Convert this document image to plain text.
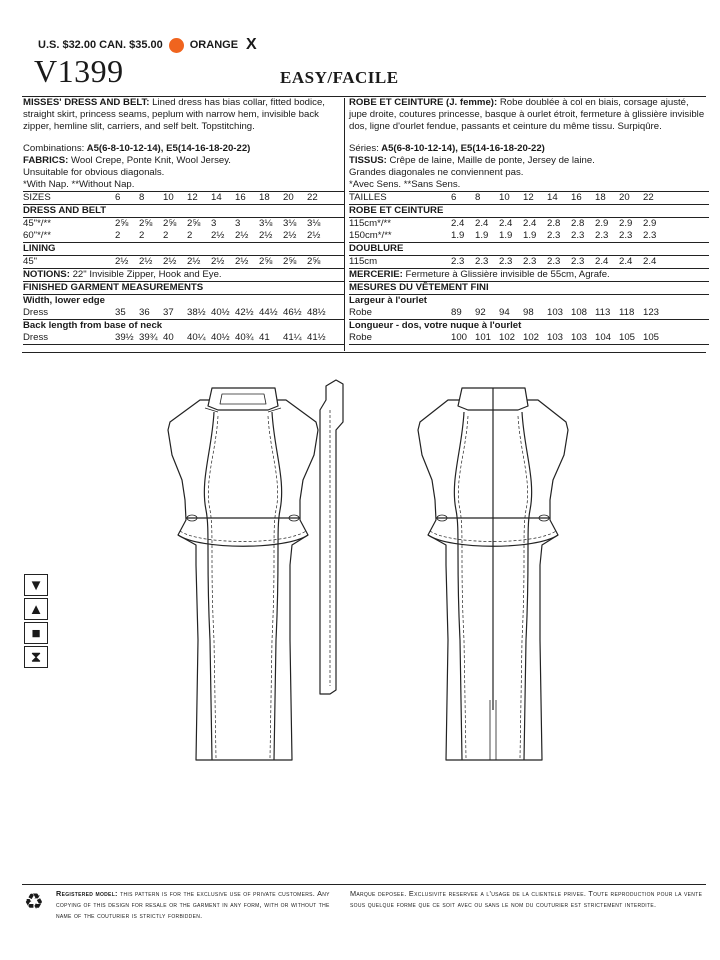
U.S. $32.00 CAN. $35.00 ORANGE X
V1399	EASY/FACILE

MISSES' DRESS AND BELT: Lined dress has bias collar, fitted bodice, straight skirt, princess seams, peplum with narrow hem, invisible back zipper, hemline slit, carriers, and self belt. Topstitching.

Combinations: A5(6-8-10-12-14), E5(14-16-18-20-22)

FABRICS: Wool Crepe, Ponte Knit, Wool Jersey.

Unsuitable for obvious diagonals.

*With Nap. **Without Nap.

SIZES	6	8	10	12	14	16	18	20	22
DRESS AND BELT
45"*/**	2⅝	2⅝	2⅝	2⅝	3	3	3⅛	3⅛	3⅛
60"*/**	2	2	2	2	2½	2½	2½	2½	2½
LINING
45"	2½	2½	2½	2½	2½	2½	2⅝	2⅝	2⅝

NOTIONS: 22" Invisible Zipper, Hook and Eye.

FINISHED GARMENT MEASUREMENTS
Width, lower edge
Dress	35	36	37	38½ 40½ 42½ 44½ 46½ 48½
Back length from base of neck
Dress	39½ 39¾ 40	40¼ 40½ 40¾ 41	41¼ 41½

ROBE ET CEINTURE (J. femme): Robe doublée à col en biais, corsage ajusté, jupe droite, coutures princesse, basque à ourlet étroit, fermeture à glissière invisible dos, ligne d'ourlet fendue, passants et ceinture du même tissu. Surpiqûre.

Séries: A5(6-8-10-12-14), E5(14-16-18-20-22)

TISSUS: Crêpe de laine, Maille de ponte, Jersey de laine.

Grandes diagonales ne conviennent pas.

*Avec Sens. **Sans Sens.

TAILLES	6	8	10	12	14	16	18	20	22
ROBE ET CEINTURE
115cm*/**	2.4	2.4	2.4	2.4	2.8	2.8	2.9	2.9	2.9
150cm*/**	1.9	1.9	1.9	1.9	2.3	2.3	2.3	2.3	2.3
DOUBLURE
115cm	2.3	2.3	2.3	2.3	2.3	2.3	2.4	2.4	2.4

MERCERIE: Fermeture à Glissière invisible de 55cm, Agrafe.

MESURES DU VÊTEMENT FINI
Largeur à l'ourlet
Robe	89	92	94	98	103 108 113 118 123
Longueur - dos, votre nuque à l'ourlet
Robe	100 101 102 102 103 103 104 105 105
▼
▲
■
⧗
♻ Registered model: this pattern is for the exclusive use of private customers. Any copying of this design for resale or the garment in any form, with or without the name of the couturier is strictly forbidden.
Marque deposee. Exclusivite reservee a l'usage de la clientele privee. Toute reproduction pour la vente sous quelque forme que ce soit avec ou sans le nom du couturier est strictement interdite.
